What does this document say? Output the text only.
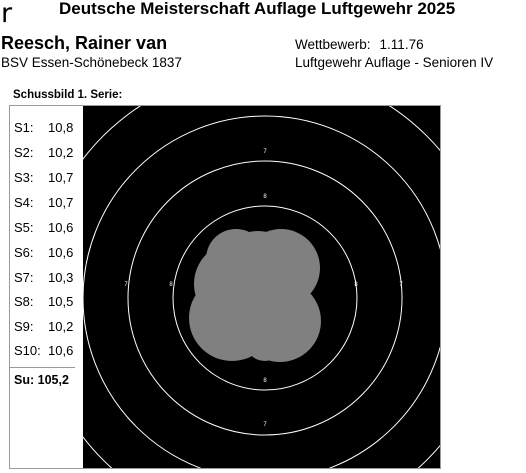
r	Deutsche Meisterschaft Auflage Luftgewehr 2025
Reesch, Rainer van
BSV Essen-Schönebeck 1837
Wettbewerb: 1.11.76
Luftgewehr Auflage - Senioren IV
Schussbild 1. Serie:
S1: 10,8
S2: 10,2
S3: 10,7
S4: 10,7
S5: 10,6
S6: 10,6
S7: 10,3
S8: 10,5
S9: 10,2
S10: 10,6
Su: 105,2
7
8
7	8	8	7
8
7
